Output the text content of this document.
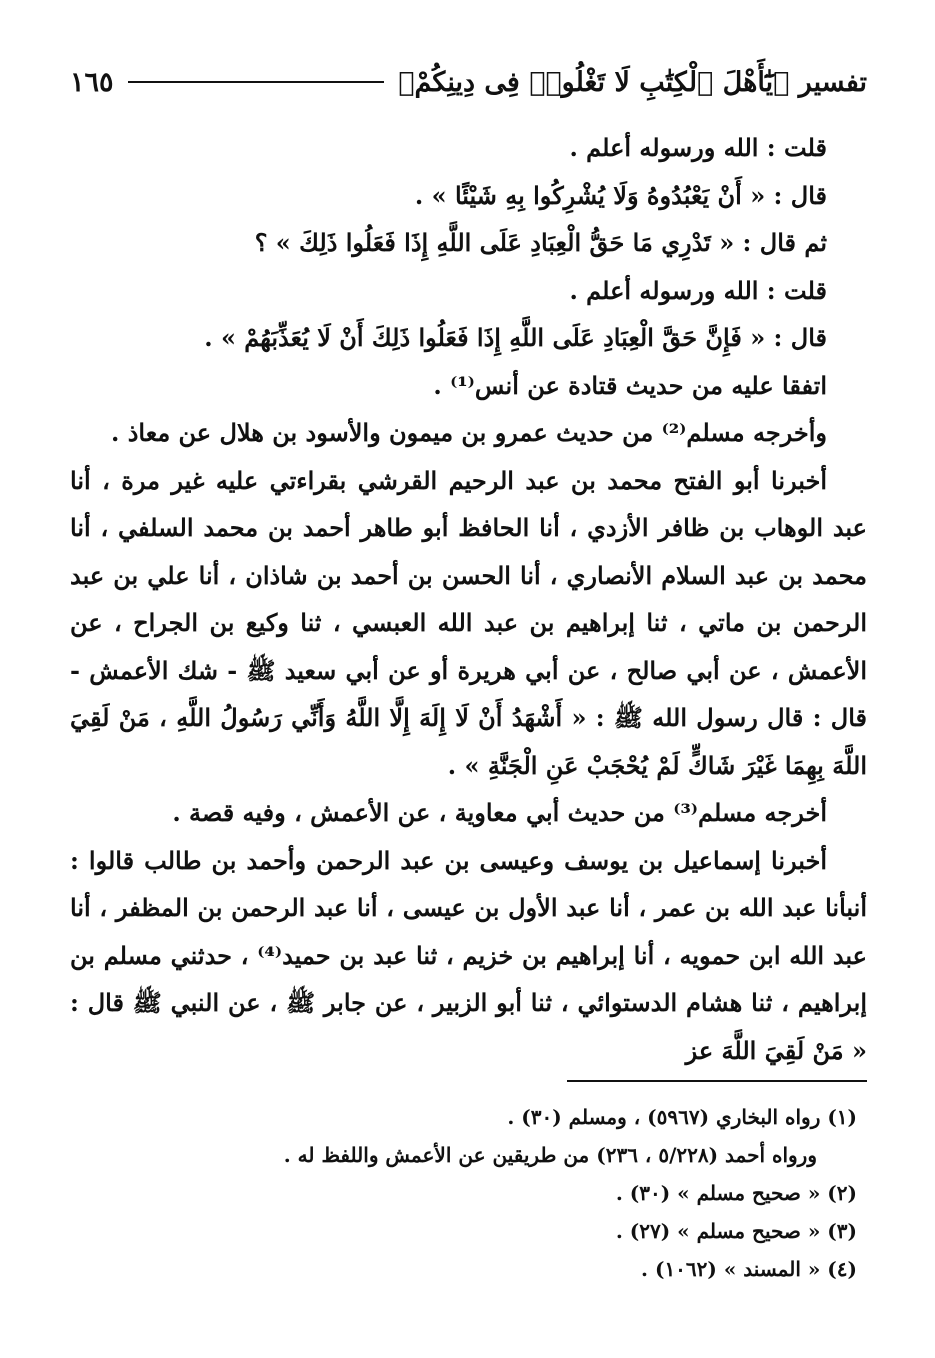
تفسير ﴿يَٰٓأَهْلَ ٱلْكِتَٰبِ لَا تَغْلُوا۟ فِى دِينِكُمْ﴾
١٦٥

قلت : الله ورسوله أعلم .

قال : « أَنْ يَعْبُدُوهُ وَلَا يُشْرِكُوا بِهِ شَيْئًا » .

ثم قال : « تَدْرِي مَا حَقُّ الْعِبَادِ عَلَى اللَّهِ إِذَا فَعَلُوا ذَلِكَ » ؟

قلت : الله ورسوله أعلم .

قال : « فَإِنَّ حَقَّ الْعِبَادِ عَلَى اللَّهِ إِذَا فَعَلُوا ذَلِكَ أَنْ لَا يُعَذِّبَهُمْ » .

اتفقا عليه من حديث قتادة عن أنس⁽¹⁾ .

وأخرجه مسلم⁽²⁾ من حديث عمرو بن ميمون والأسود بن هلال عن معاذ .

أخبرنا أبو الفتح محمد بن عبد الرحيم القرشي بقراءتي عليه غير مرة ، أنا عبد الوهاب بن ظافر الأزدي ، أنا الحافظ أبو طاهر أحمد بن محمد السلفي ، أنا محمد بن عبد السلام الأنصاري ، أنا الحسن بن أحمد بن شاذان ، أنا علي بن عبد الرحمن بن ماتي ، ثنا إبراهيم بن عبد الله العبسي ، ثنا وكيع بن الجراح ، عن الأعمش ، عن أبي صالح ، عن أبي هريرة أو عن أبي سعيد ﷺ - شك الأعمش - قال : قال رسول الله ﷺ : « أَشْهَدُ أَنْ لَا إِلَهَ إِلَّا اللَّهُ وَأَنِّي رَسُولُ اللَّهِ ، مَنْ لَقِيَ اللَّهَ بِهِمَا غَيْرَ شَاكٍّ لَمْ يُحْجَبْ عَنِ الْجَنَّةِ » .

أخرجه مسلم⁽³⁾ من حديث أبي معاوية ، عن الأعمش ، وفيه قصة .

أخبرنا إسماعيل بن يوسف وعيسى بن عبد الرحمن وأحمد بن طالب قالوا : أنبأنا عبد الله بن عمر ، أنا عبد الأول بن عيسى ، أنا عبد الرحمن بن المظفر ، أنا عبد الله ابن حمويه ، أنا إبراهيم بن خزيم ، ثنا عبد بن حميد⁽⁴⁾ ، حدثني مسلم بن إبراهيم ، ثنا هشام الدستوائي ، ثنا أبو الزبير ، عن جابر ﷺ ، عن النبي ﷺ قال : « مَنْ لَقِيَ اللَّهَ عز

(١) رواه البخاري (٥٩٦٧) ، ومسلم (٣٠) .

ورواه أحمد (٥/٢٢٨ ، ٢٣٦) من طريقين عن الأعمش واللفظ له .

(٢) « صحيح مسلم » (٣٠) .

(٣) « صحيح مسلم » (٢٧) .

(٤) « المسند » (١٠٦٢) .
